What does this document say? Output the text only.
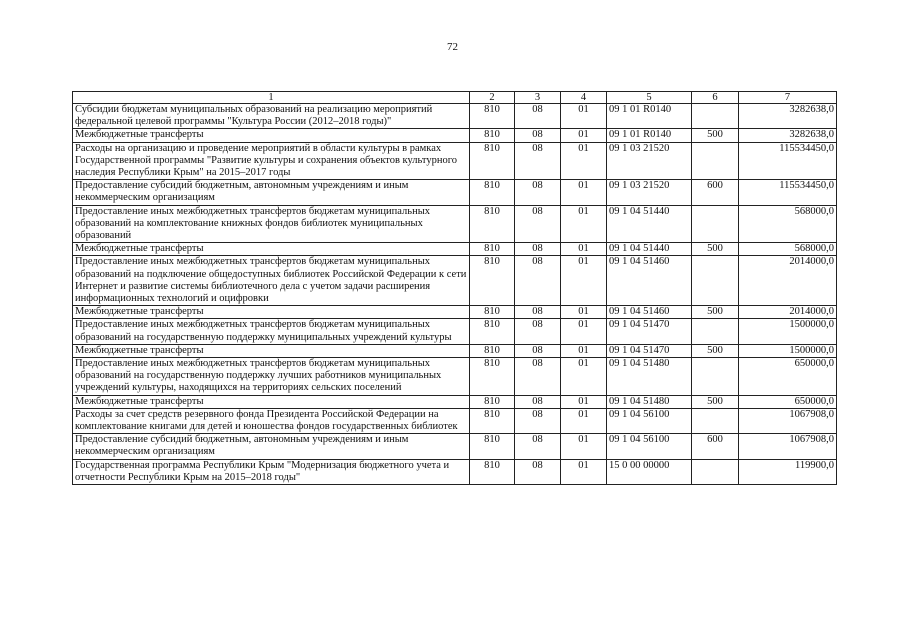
72
1	2	3	4	5	6	7
Субсидии бюджетам муниципальных образований на реализацию мероприятий федеральной целевой программы "Культура России (2012–2018 годы)"	810	08	01	09 1 01 R0140		3282638,0
Межбюджетные трансферты	810	08	01	09 1 01 R0140	500	3282638,0
Расходы на организацию и проведение мероприятий в области культуры в рамках Государственной программы "Развитие культуры и сохранения объектов культурного наследия Республики Крым" на 2015–2017 годы	810	08	01	09 1 03 21520		115534450,0
Предоставление субсидий бюджетным, автономным учреждениям и иным некоммерческим организациям	810	08	01	09 1 03 21520	600	115534450,0
Предоставление иных межбюджетных трансфертов бюджетам муниципальных образований на комплектование книжных фондов библиотек муниципальных образований	810	08	01	09 1 04 51440		568000,0
Межбюджетные трансферты	810	08	01	09 1 04 51440	500	568000,0
Предоставление иных межбюджетных трансфертов бюджетам муниципальных образований на подключение общедоступных библиотек Российской Федерации к сети Интернет и развитие системы библиотечного дела с учетом задачи расширения информационных технологий и оцифровки	810	08	01	09 1 04 51460		2014000,0
Межбюджетные трансферты	810	08	01	09 1 04 51460	500	2014000,0
Предоставление иных межбюджетных трансфертов бюджетам муниципальных образований на государственную поддержку муниципальных учреждений культуры	810	08	01	09 1 04 51470		1500000,0
Межбюджетные трансферты	810	08	01	09 1 04 51470	500	1500000,0
Предоставление иных межбюджетных трансфертов бюджетам муниципальных образований на государственную поддержку лучших работников муниципальных учреждений культуры, находящихся на территориях сельских поселений	810	08	01	09 1 04 51480		650000,0
Межбюджетные трансферты	810	08	01	09 1 04 51480	500	650000,0
Расходы за счет средств резервного фонда Президента Российской Федерации на комплектование книгами для детей и юношества фондов государственных библиотек	810	08	01	09 1 04 56100		1067908,0
Предоставление субсидий бюджетным, автономным учреждениям и иным некоммерческим организациям	810	08	01	09 1 04 56100	600	1067908,0
Государственная программа Республики Крым "Модернизация бюджетного учета и отчетности Республики Крым на 2015–2018 годы"	810	08	01	15 0 00 00000		119900,0
